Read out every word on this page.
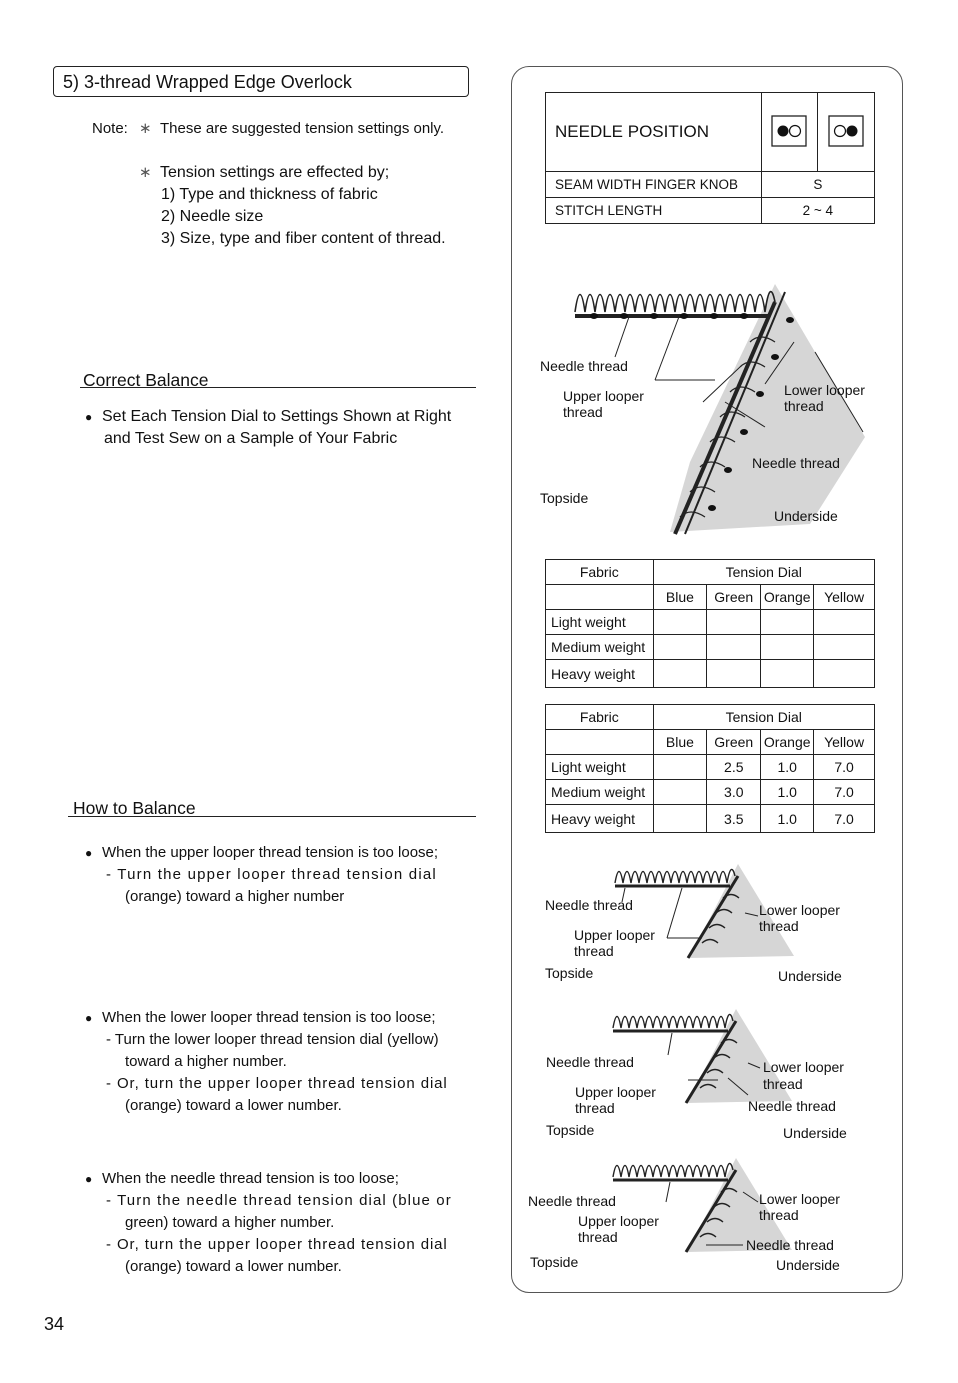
5) 3-thread Wrapped Edge Overlock
Note: ∗ These are suggested tension settings only.
∗ Tension settings are effected by;
1) Type and thickness of fabric
2) Needle size
3) Size, type and fiber content of thread.
Correct Balance
● Set Each Tension Dial to Settings Shown at Right
and Test Sew on a Sample of Your Fabric
How to Balance
● When the upper looper thread tension is too loose;
- Turn the upper looper thread tension dial
(orange) toward a higher number
● When the lower looper thread tension is too loose;
- Turn the lower looper thread tension dial (yellow)
toward a higher number.
- Or, turn the upper looper thread tension dial
(orange) toward a lower number.
● When the needle thread tension is too loose;
- Turn the needle thread tension dial (blue or
green) toward a higher number.
- Or, turn the upper looper thread tension dial
(orange) toward a lower number.
34
NEEDLE POSITION		
SEAM WIDTH FINGER KNOB	S	
STITCH LENGTH	2 ~ 4	
Needle thread
Upper looper
thread
Lower looper
thread
Needle thread
Topside
Underside
Fabric	Tension Dial			
	Blue	Green	Orange	Yellow
Light weight				
Medium weight				
Heavy weight				
Fabric	Tension Dial			
	Blue	Green	Orange	Yellow
Light weight		2.5	1.0	7.0
Medium weight		3.0	1.0	7.0
Heavy weight		3.5	1.0	7.0
Needle thread
Upper looper
thread
Lower looper
thread
Topside	Underside
Needle thread
Upper looper
thread
Lower looper
thread
Needle thread
Topside	Underside
Needle thread
Upper looper
thread
Lower looper
thread
Needle thread
Topside	Underside
